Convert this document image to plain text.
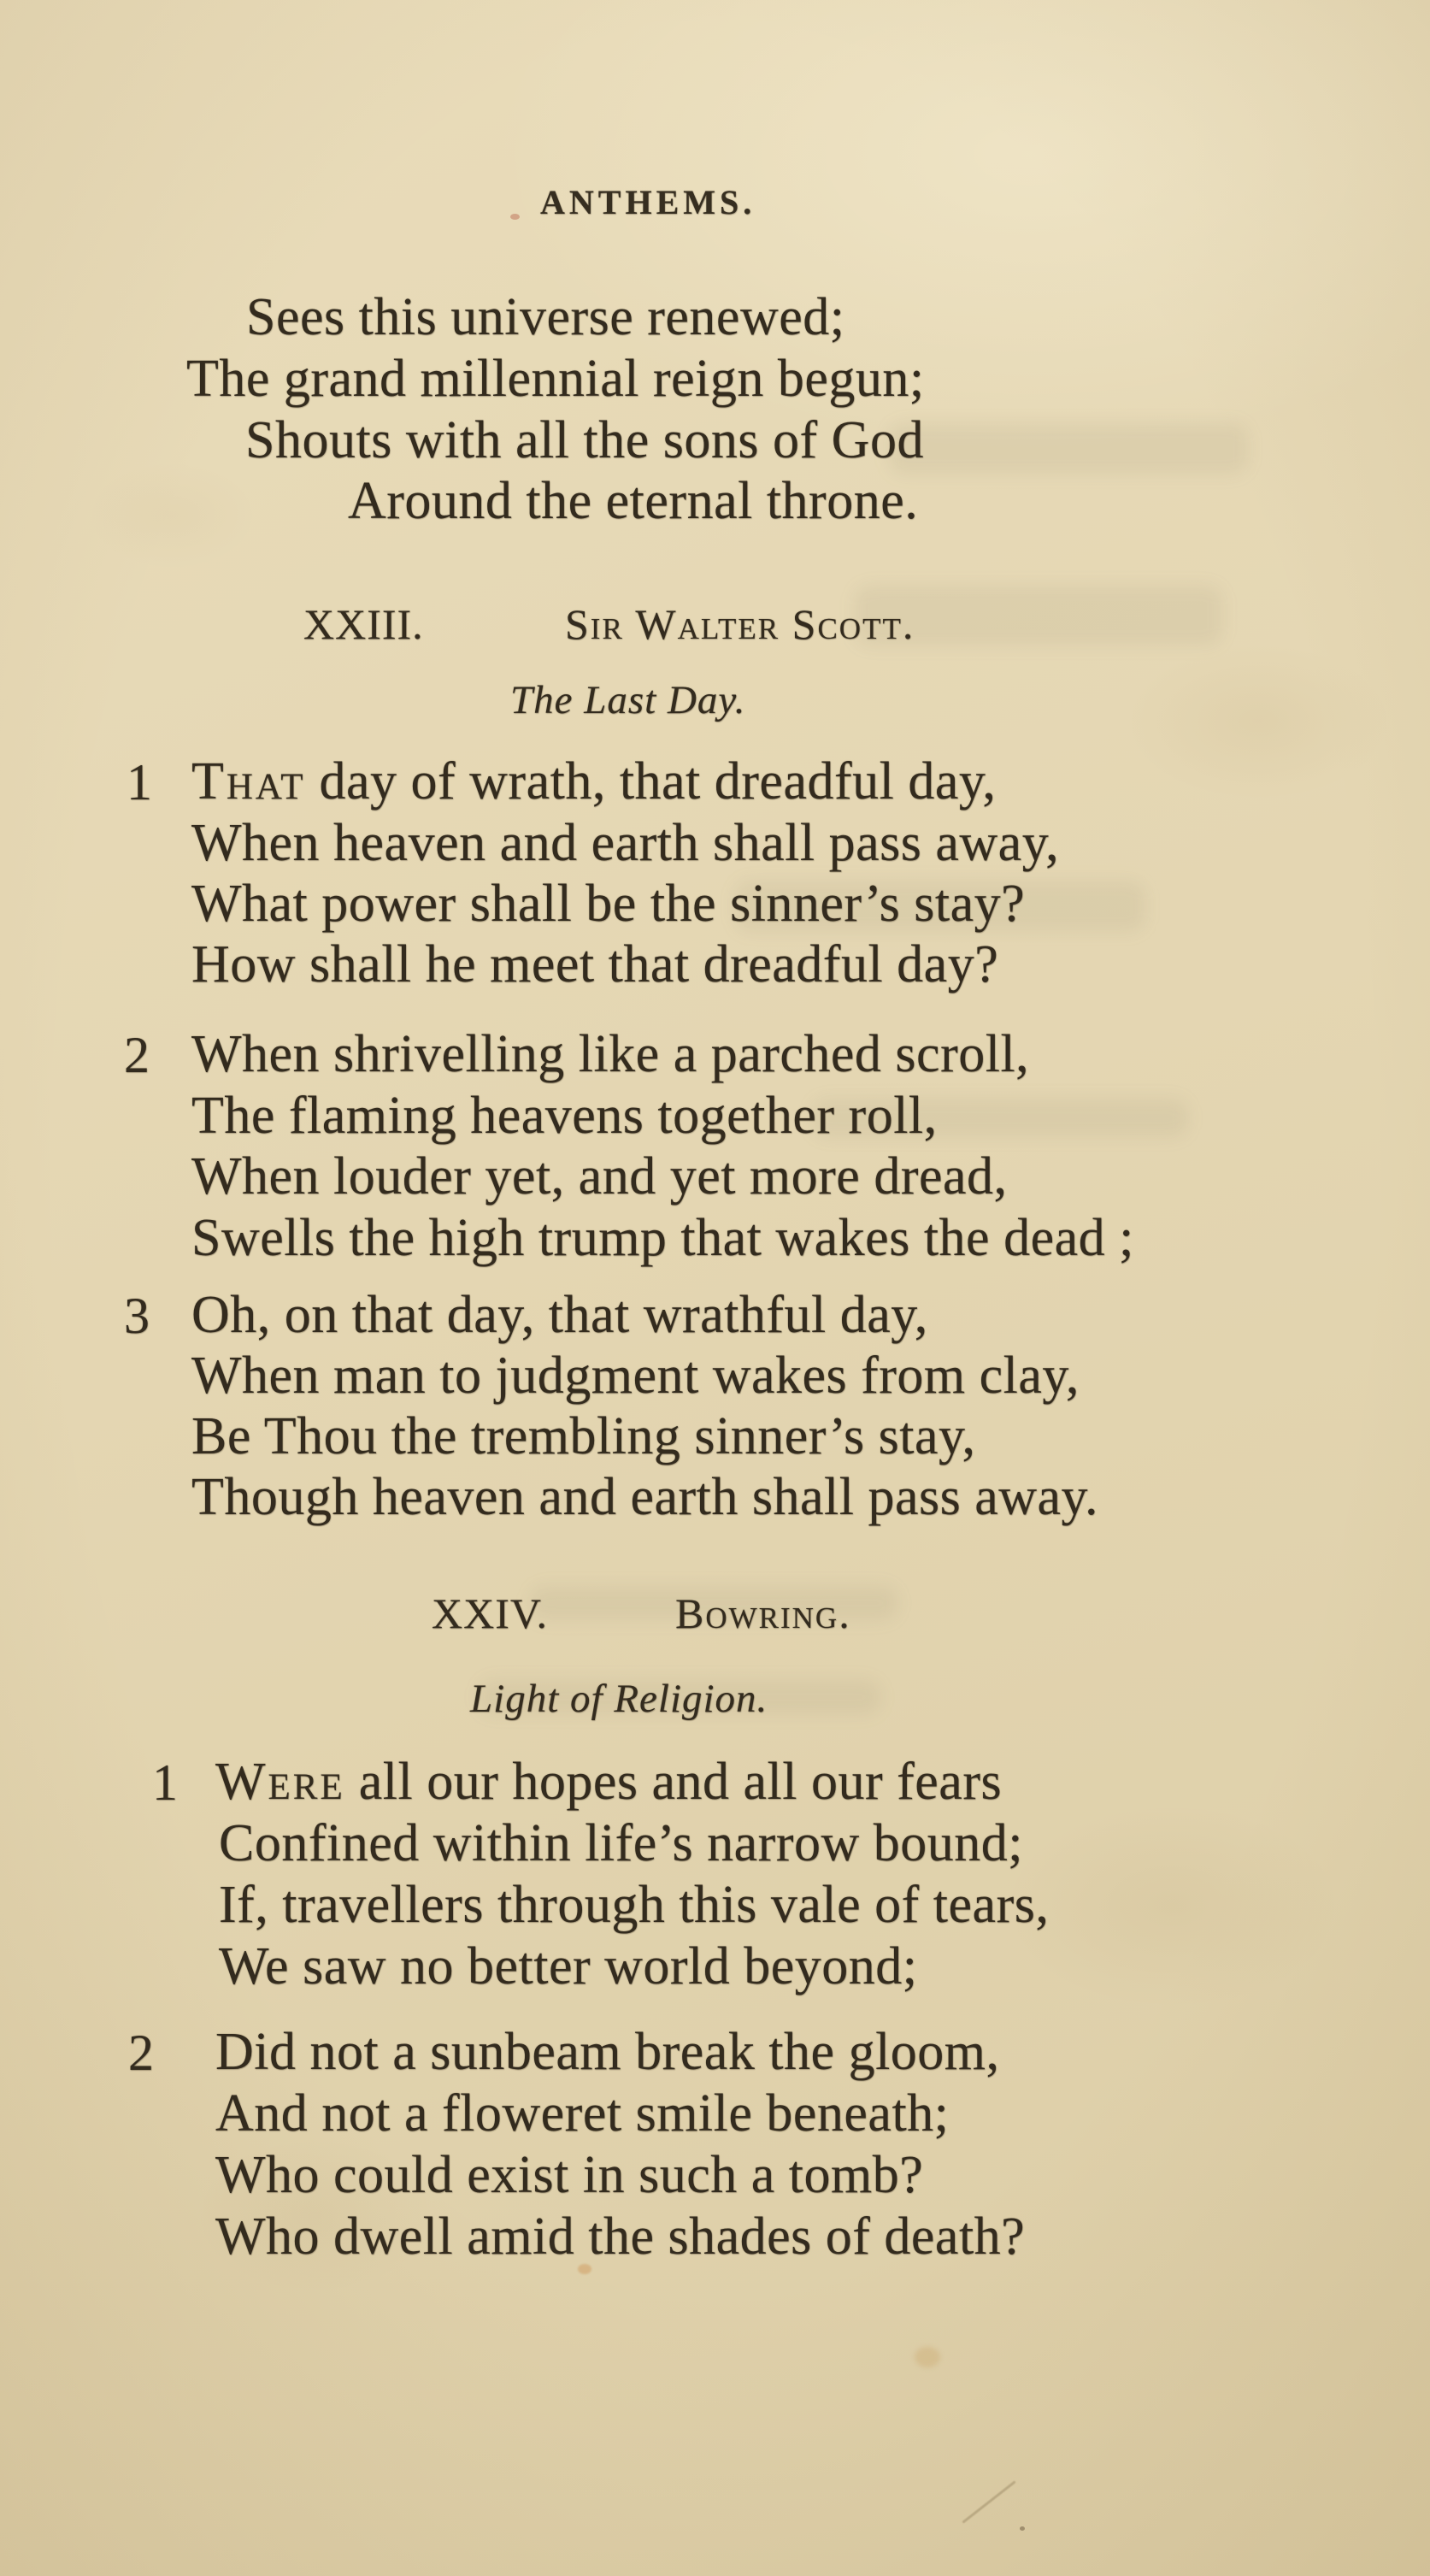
ANTHEMS.
Sees this universe renewed;
The grand millennial reign begun;
Shouts with all the sons of God
Around the eternal throne.
XXIII.	Sir Walter Scott.
The Last Day.
1 That day of wrath, that dreadful day,
When heaven and earth shall pass away,
What power shall be the sinner’s stay?
How shall he meet that dreadful day?
2 When shrivelling like a parched scroll,
The flaming heavens together roll,
When louder yet, and yet more dread,
Swells the high trump that wakes the dead ;
3 Oh, on that day, that wrathful day,
When man to judgment wakes from clay,
Be Thou the trembling sinner’s stay,
Though heaven and earth shall pass away.
XXIV.	Bowring.
Light of Religion.
1 Were all our hopes and all our fears
Confined within life’s narrow bound;
If, travellers through this vale of tears,
We saw no better world beyond;
2 Did not a sunbeam break the gloom,
And not a floweret smile beneath;
Who could exist in such a tomb?
Who dwell amid the shades of death?
